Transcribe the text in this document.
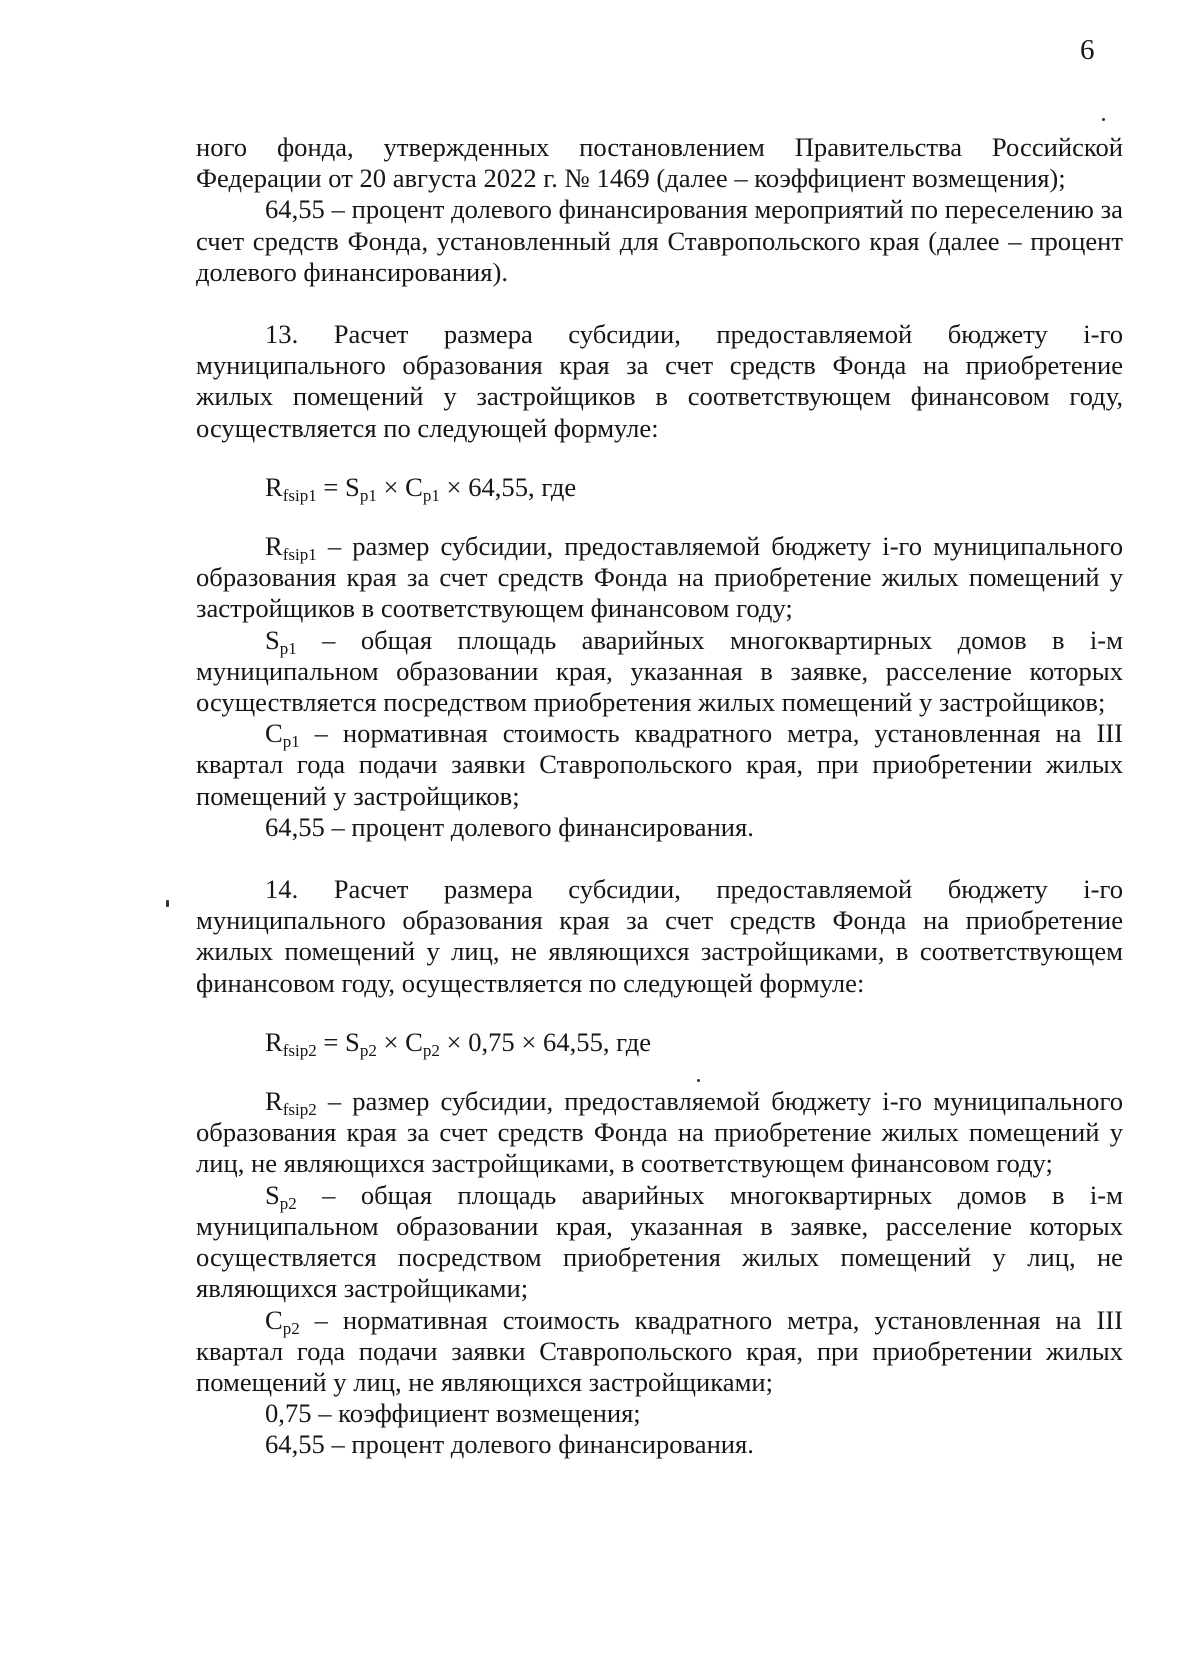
6

ного фонда, утвержденных постановлением Правительства Российской Федерации от 20 августа 2022 г. № 1469 (далее – коэффициент возмещения);

64,55 – процент долевого финансирования мероприятий по переселению за счет средств Фонда, установленный для Ставропольского края (далее – процент долевого финансирования).

13. Расчет размера субсидии, предоставляемой бюджету i-го муниципального образования края за счет средств Фонда на приобретение жилых помещений у застройщиков в соответствующем финансовом году, осуществляется по следующей формуле:

$R_{fsip1} = S_{p1} \times C_{p1} \times 64,55$, где

$R_{fsip1}$ – размер субсидии, предоставляемой бюджету i-го муниципального образования края за счет средств Фонда на приобретение жилых помещений у застройщиков в соответствующем финансовом году;

$S_{p1}$ – общая площадь аварийных многоквартирных домов в i-м муниципальном образовании края, указанная в заявке, расселение которых осуществляется посредством приобретения жилых помещений у застройщиков;

$C_{p1}$ – нормативная стоимость квадратного метра, установленная на III квартал года подачи заявки Ставропольского края, при приобретении жилых помещений у застройщиков;

64,55 – процент долевого финансирования.

14. Расчет размера субсидии, предоставляемой бюджету i-го муниципального образования края за счет средств Фонда на приобретение жилых помещений у лиц, не являющихся застройщиками, в соответствующем финансовом году, осуществляется по следующей формуле:

$R_{fsip2} = S_{p2} \times C_{p2} \times 0,75 \times 64,55$, где

$R_{fsip2}$ – размер субсидии, предоставляемой бюджету i-го муниципального образования края за счет средств Фонда на приобретение жилых помещений у лиц, не являющихся застройщиками, в соответствующем финансовом году;

$S_{p2}$ – общая площадь аварийных многоквартирных домов в i-м муниципальном образовании края, указанная в заявке, расселение которых осуществляется посредством приобретения жилых помещений у лиц, не являющихся застройщиками;

$C_{p2}$ – нормативная стоимость квадратного метра, установленная на III квартал года подачи заявки Ставропольского края, при приобретении жилых помещений у лиц, не являющихся застройщиками;

0,75 – коэффициент возмещения;

64,55 – процент долевого финансирования.
